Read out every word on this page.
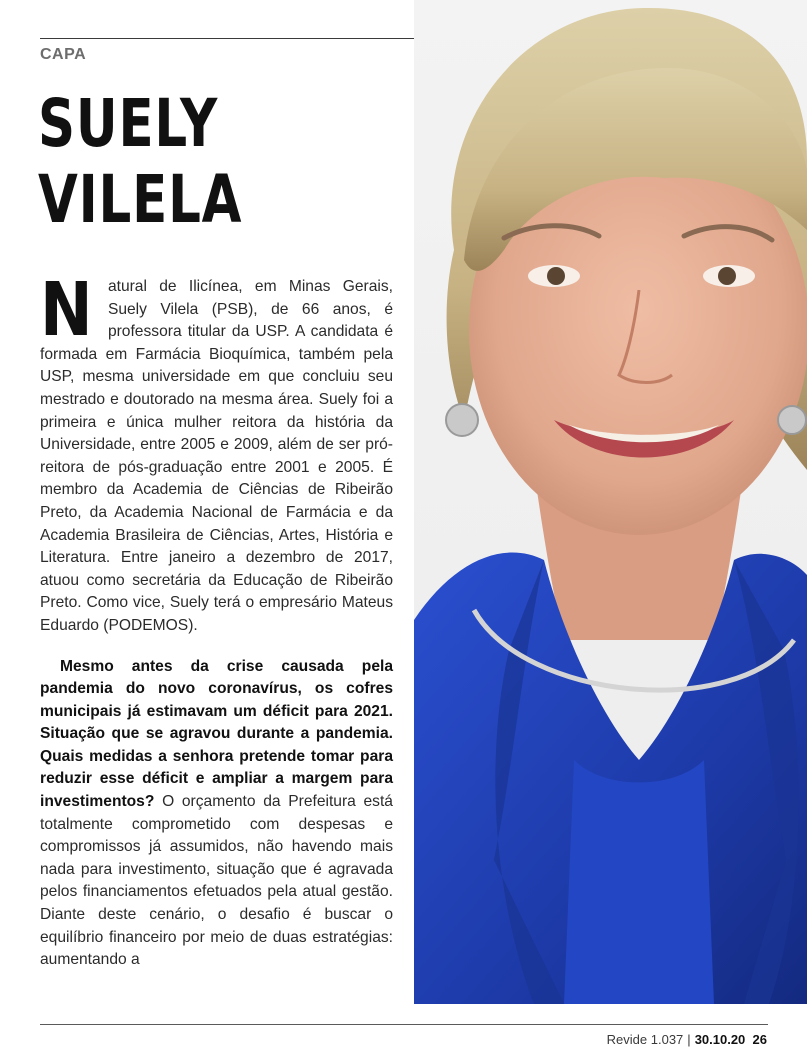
CAPA
SUELY
VILELA

Natural de Ilicínea, em Minas Gerais, Suely Vilela (PSB), de 66 anos, é professora titular da USP. A candidata é formada em Farmácia Bioquímica, também pela USP, mesma universidade em que concluiu seu mestrado e doutorado na mesma área. Suely foi a primeira e única mulher reitora da história da Universidade, entre 2005 e 2009, além de ser pró-reitora de pós-graduação entre 2001 e 2005. É membro da Academia de Ciências de Ribeirão Preto, da Academia Nacional de Farmácia e da Academia Brasileira de Ciências, Artes, História e Literatura. Entre janeiro a dezembro de 2017, atuou como secretária da Educação de Ribeirão Preto. Como vice, Suely terá o empresário Mateus Eduardo (PODEMOS).

Mesmo antes da crise causada pela pandemia do novo coronavírus, os cofres municipais já estimavam um déficit para 2021. Situação que se agravou durante a pandemia. Quais medidas a senhora pretende tomar para reduzir esse déficit e ampliar a margem para investimentos? O orçamento da Prefeitura está totalmente comprometido com despesas e compromissos já assumidos, não havendo mais nada para investimento, situação que é agravada pelos financiamentos efetuados pela atual gestão. Diante deste cenário, o desafio é buscar o equilíbrio financeiro por meio de duas estratégias: aumentando a

Revide 1.037 | 30.10.20 26
